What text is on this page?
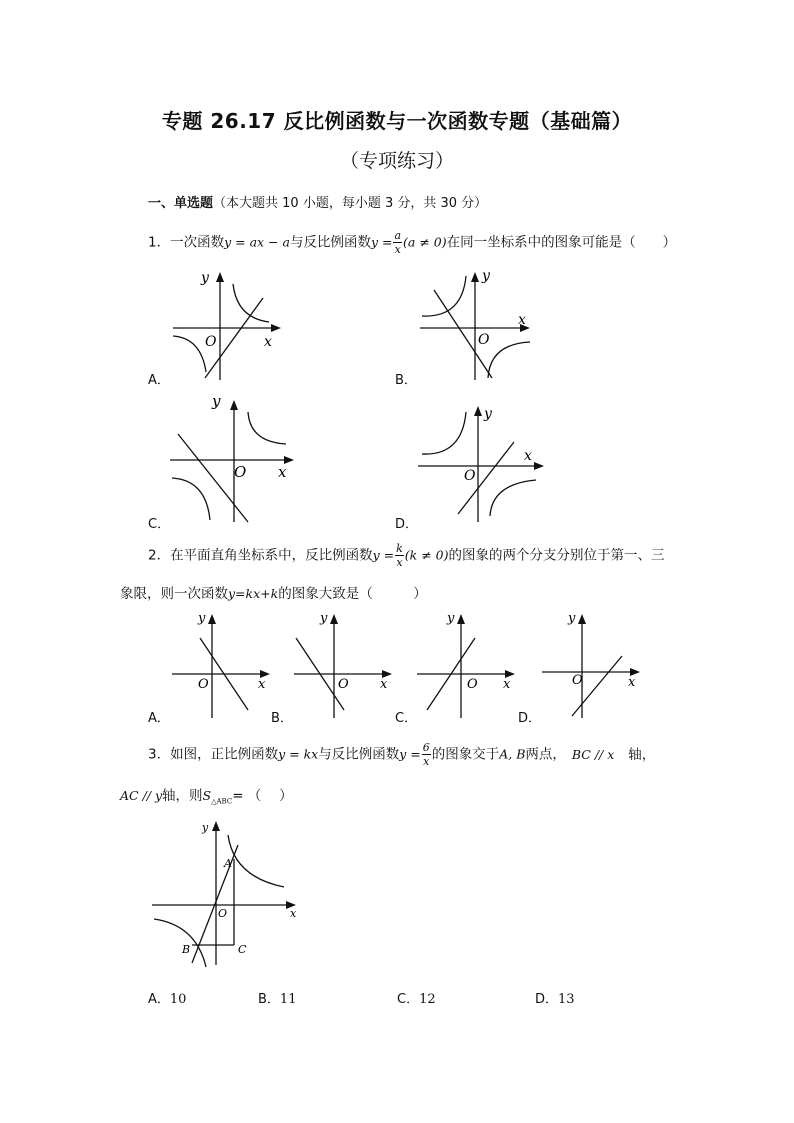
专题 26.17 反比例函数与一次函数专题（基础篇）
（专项练习）
一、单选题（本大题共 10 小题，每小题 3 分，共 30 分）
1．一次函数y = ax − a与反比例函数$y = \frac{a}{x} (a \ne 0)$在同一坐标系中的图象可能是（　　）
y
x
O
A．
y
x
O
B．
y
x
O
C．
y
x
O
D．
2．在平面直角坐标系中，反比例函数$y = \frac{k}{x} (k \ne 0)$的图象的两个分支分别位于第一、三
象限，则一次函数y=kx+k的图象大致是（　　　）
y
x
O
A．
y
x
O
B．
y
x
O
C．
y
x
O
D．
3．如图，正比例函数y = kx与反比例函数$y = \frac{6}{x}$ 的图象交于A, B两点， BC // x 轴，
AC // y轴，则$S_{\triangle ABC}=$ （　 ）
y
x
O
A
B	C
A．10	B．11	C．12	D．13
